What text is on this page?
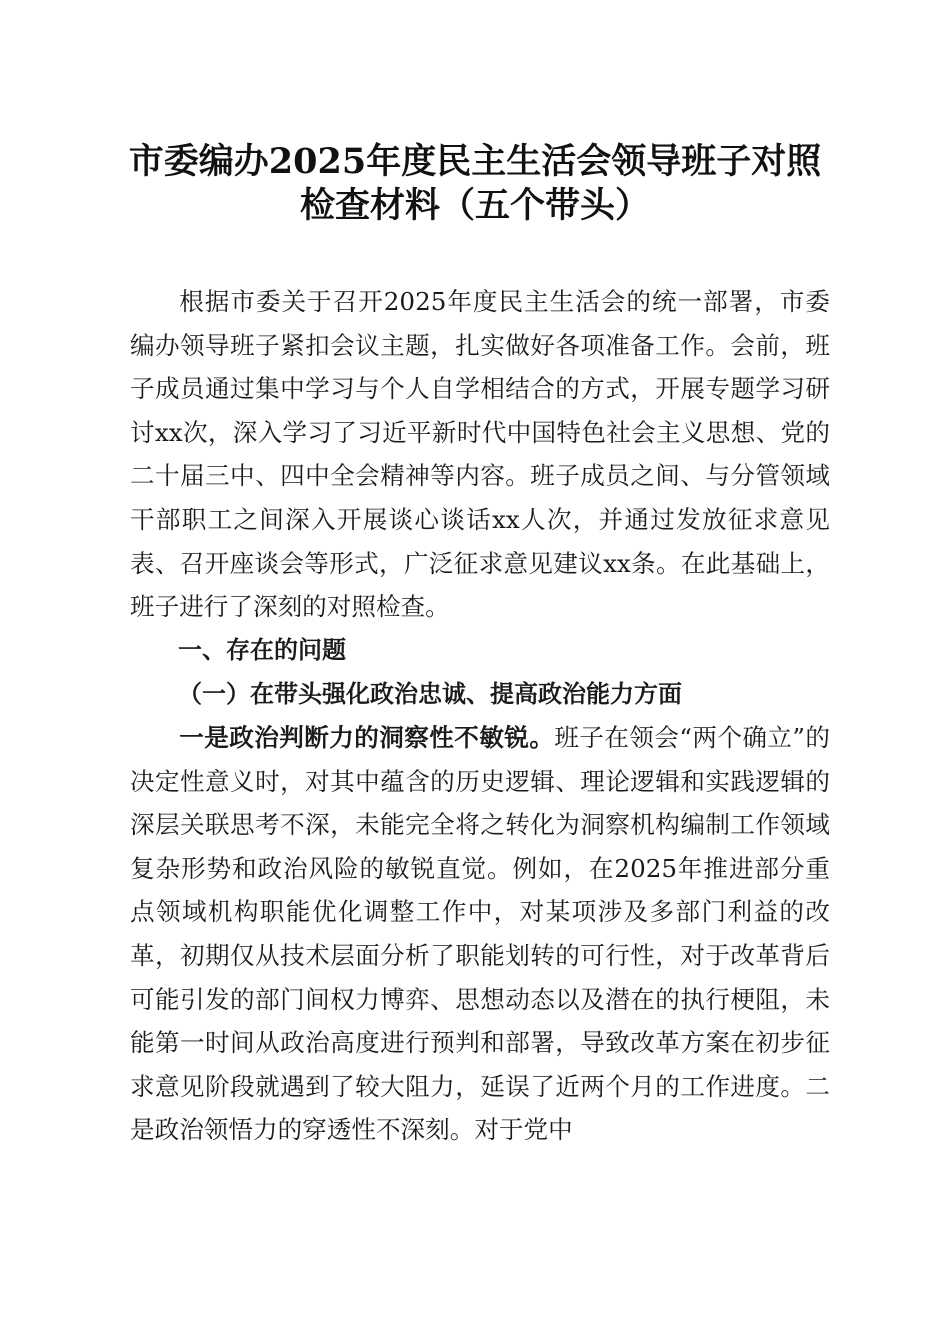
市委编办2025年度民主生活会领导班子对照
检查材料（五个带头）

根据市委关于召开2025年度民主生活会的统一部署，市委编办领导班子紧扣会议主题，扎实做好各项准备工作。会前，班子成员通过集中学习与个人自学相结合的方式，开展专题学习研讨xx次，深入学习了习近平新时代中国特色社会主义思想、党的二十届三中、四中全会精神等内容。班子成员之间、与分管领域干部职工之间深入开展谈心谈话xx人次，并通过发放征求意见表、召开座谈会等形式，广泛征求意见建议xx条。在此基础上，班子进行了深刻的对照检查。

一、存在的问题

（一）在带头强化政治忠诚、提高政治能力方面

一是政治判断力的洞察性不敏锐。班子在领会“两个确立”的决定性意义时，对其中蕴含的历史逻辑、理论逻辑和实践逻辑的深层关联思考不深，未能完全将之转化为洞察机构编制工作领域复杂形势和政治风险的敏锐直觉。例如，在2025年推进部分重点领域机构职能优化调整工作中，对某项涉及多部门利益的改革，初期仅从技术层面分析了职能划转的可行性，对于改革背后可能引发的部门间权力博弈、思想动态以及潜在的执行梗阻，未能第一时间从政治高度进行预判和部署，导致改革方案在初步征求意见阶段就遇到了较大阻力，延误了近两个月的工作进度。二是政治领悟力的穿透性不深刻。对于党中
